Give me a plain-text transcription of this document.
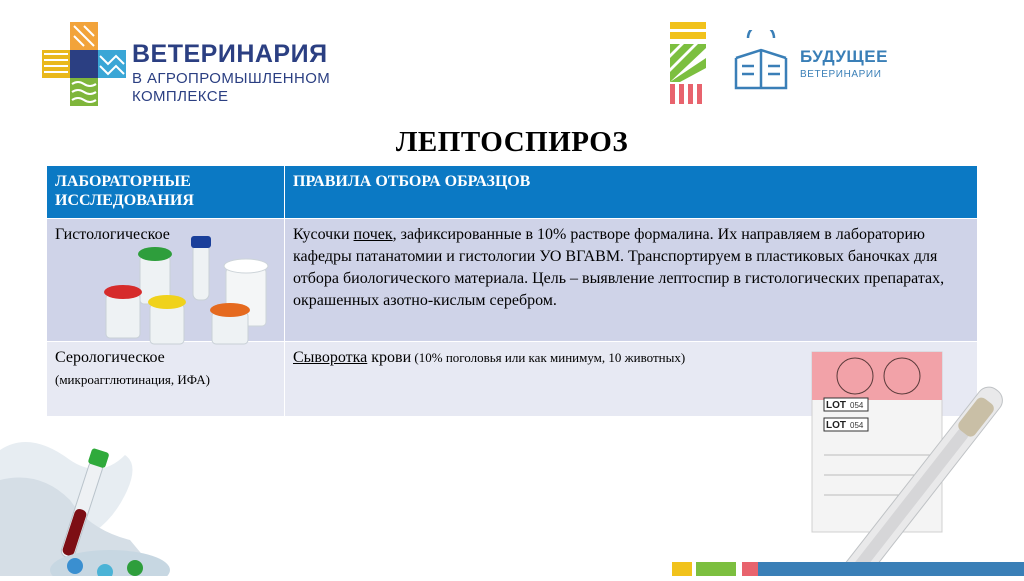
ВЕТЕРИНАРИЯ
В АГРОПРОМЫШЛЕННОМ
КОМПЛЕКСЕ
БУДУЩЕЕ
ВЕТЕРИНАРИИ
ЛЕПТОСПИРОЗ
ЛАБОРАТОРНЫЕ ИССЛЕДОВАНИЯ	ПРАВИЛА ОТБОРА ОБРАЗЦОВ
Гистологическое	Кусочки почек, зафиксированные в 10% растворе формалина. Их направляем в лабораторию кафедры патанатомии и гистологии УО ВГАВМ. Транспортируем в пластиковых баночках для отбора биологического материала. Цель – выявление лептоспир в гистологических препаратах, окрашенных азотно-кислым серебром.

Серологическое
(микроагглютинация, ИФА)	Сыворотка крови (10% поголовья или как минимум, 10 животных)
LOT 054
LOT 054
